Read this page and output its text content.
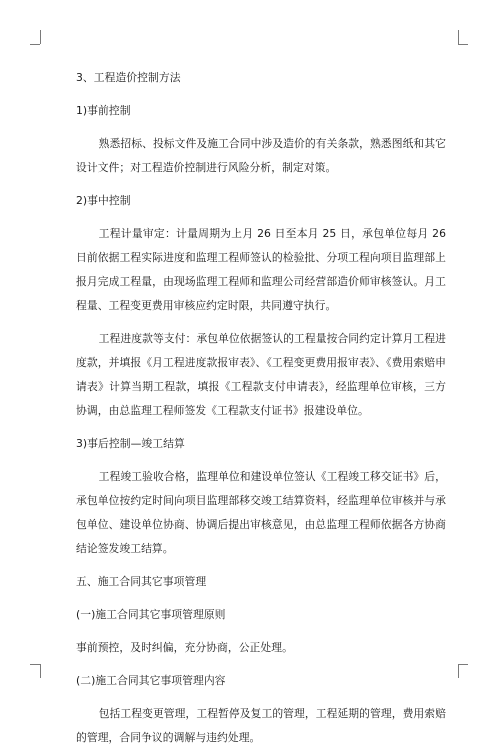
3、工程造价控制方法

1)事前控制

熟悉招标、投标文件及施工合同中涉及造价的有关条款，熟悉图纸和其它设计文件；对工程造价控制进行风险分析，制定对策。

2)事中控制

工程计量审定：计量周期为上月 26 日至本月 25 日，承包单位每月 26 日前依据工程实际进度和监理工程师签认的检验批、分项工程向项目监理部上报月完成工程量，由现场监理工程师和监理公司经营部造价师审核签认。月工程量、工程变更费用审核应约定时限，共同遵守执行。

工程进度款等支付：承包单位依据签认的工程量按合同约定计算月工程进度款，并填报《月工程进度款报审表》、《工程变更费用报审表》、《费用索赔申请表》计算当期工程款，填报《工程款支付申请表》，经监理单位审核，三方协调，由总监理工程师签发《工程款支付证书》报建设单位。

3)事后控制—竣工结算

工程竣工验收合格，监理单位和建设单位签认《工程竣工移交证书》后，承包单位按约定时间向项目监理部移交竣工结算资料，经监理单位审核并与承包单位、建设单位协商、协调后提出审核意见，由总监理工程师依据各方协商结论签发竣工结算。

五、施工合同其它事项管理

(一)施工合同其它事项管理原则

事前预控，及时纠偏，充分协商，公正处理。

(二)施工合同其它事项管理内容

包括工程变更管理，工程暂停及复工的管理，工程延期的管理，费用索赔的管理，合同争议的调解与违约处理。
